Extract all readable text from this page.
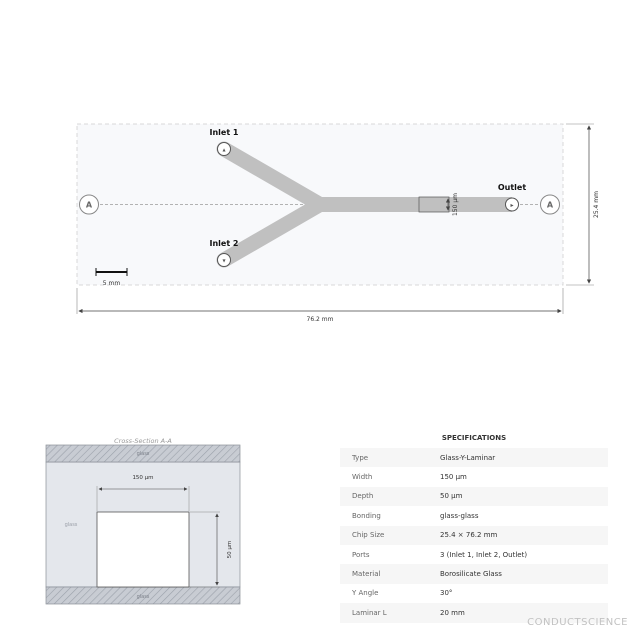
150 μm
▲
▼
▶
Inlet 1
Inlet 2
Outlet
A	A
5 mm
76.2 mm
25.4 mm
Cross-Section A-A
glass
glass
glass
150 μm
50 μm
SPECIFICATIONS
Type	Glass-Y-Laminar
Width	150 μm
Depth	50 μm
Bonding	glass-glass
Chip Size	25.4 × 76.2 mm
Ports	3 (Inlet 1, Inlet 2, Outlet)
Material	Borosilicate Glass
Y Angle	30°
Laminar L	20 mm
CONDUCTSCIENCE
